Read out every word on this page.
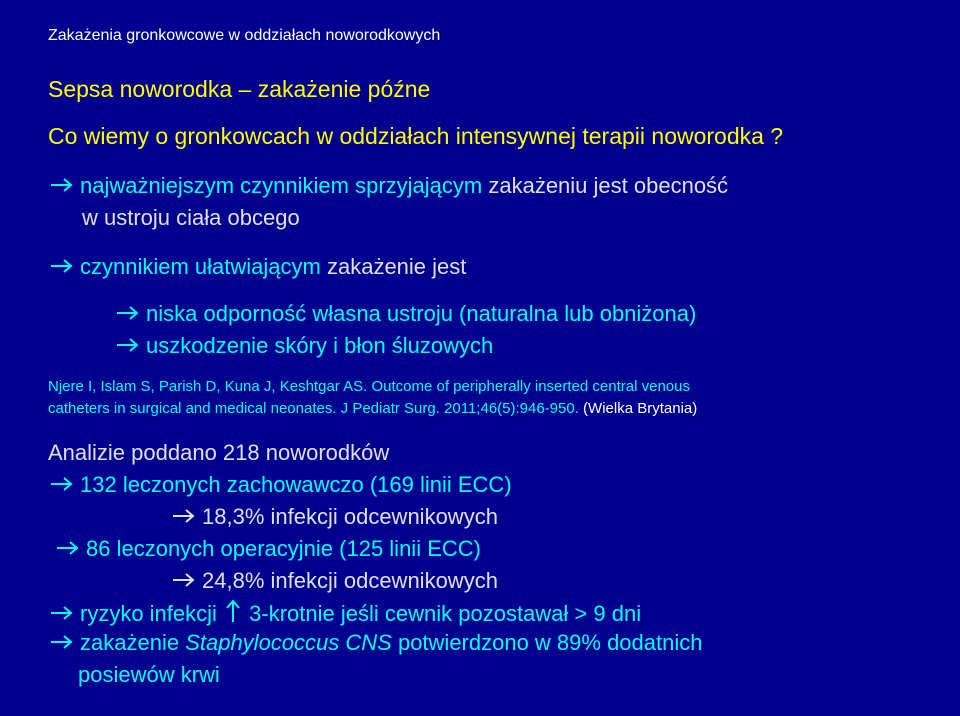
Zakażenia gronkowcowe w oddziałach noworodkowych
Sepsa noworodka – zakażenie późne
Co wiemy o gronkowcach w oddziałach intensywnej terapii noworodka ?
najważniejszym czynnikiem sprzyjającym zakażeniu jest obecność
w ustroju ciała obcego
czynnikiem ułatwiającym zakażenie jest
niska odporność własna ustroju (naturalna lub obniżona)
uszkodzenie skóry i błon śluzowych
Njere I, Islam S, Parish D, Kuna J, Keshtgar AS. Outcome of peripherally inserted central venous
catheters in surgical and medical neonates. J Pediatr Surg. 2011;46(5):946-950. (Wielka Brytania)
Analizie poddano 218 noworodków
132 leczonych zachowawczo (169 linii ECC)
18,3% infekcji odcewnikowych
86 leczonych operacyjnie (125 linii ECC)
24,8% infekcji odcewnikowych
ryzyko infekcji 3-krotnie jeśli cewnik pozostawał > 9 dni
zakażenie Staphylococcus CNS potwierdzono w 89% dodatnich
posiewów krwi
